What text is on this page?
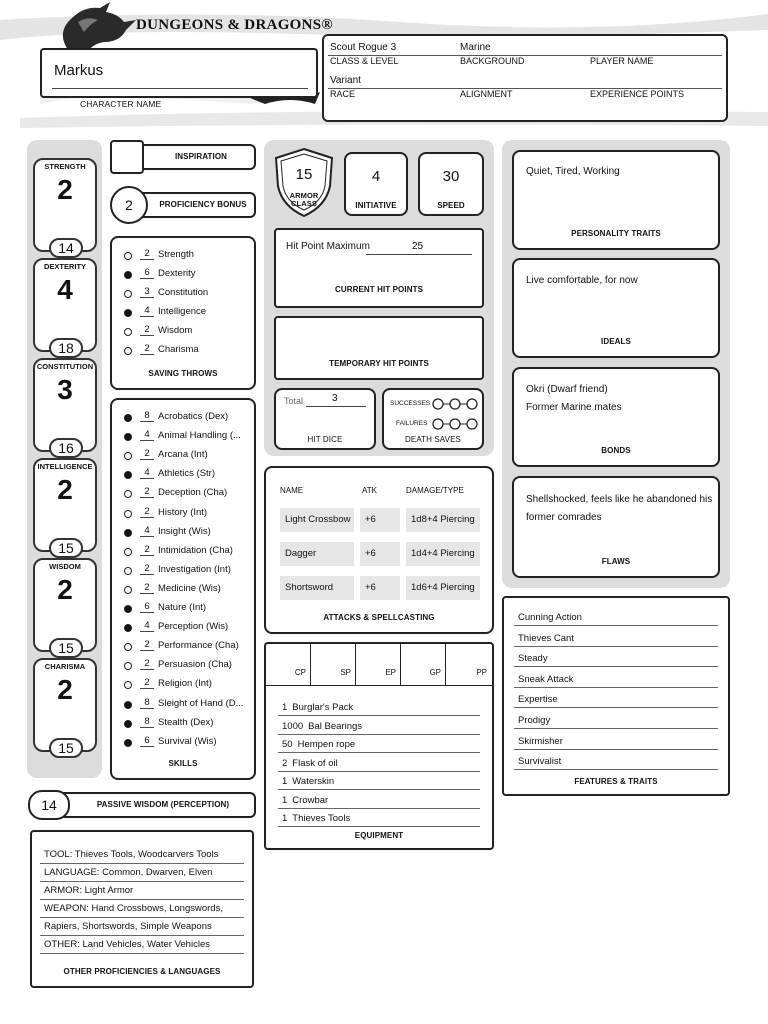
DUNGEONS & DRAGONS®
Markus
CHARACTER NAME
Scout Rogue 3	Marine
CLASS & LEVEL	BACKGROUND	PLAYER NAME
Variant
RACE	ALIGNMENT	EXPERIENCE POINTS
STRENGTH
2
14
DEXTERITY
4
18
CONSTITUTION
3
16
INTELLIGENCE
2
15
WISDOM
2
15
CHARISMA
2
15
INSPIRATION
2	PROFICIENCY BONUS
2 Strength
6 Dexterity
3 Constitution
4 Intelligence
2 Wisdom
2 Charisma
SAVING THROWS
8 Acrobatics (Dex)
4 Animal Handling (...
2 Arcana (Int)
4 Athletics (Str)
2 Deception (Cha)
2 History (Int)
4 Insight (Wis)
2 Intimidation (Cha)
2 Investigation (Int)
2 Medicine (Wis)
6 Nature (Int)
4 Perception (Wis)
2 Performance (Cha)
2 Persuasion (Cha)
2 Religion (Int)
8 Sleight of Hand (D...
8 Stealth (Dex)
6 Survival (Wis)
SKILLS
14	PASSIVE WISDOM (PERCEPTION)
TOOL: Thieves Tools, Woodcarvers Tools
LANGUAGE: Common, Dwarven, Elven
ARMOR: Light Armor
WEAPON: Hand Crossbows, Longswords,
Rapiers, Shortswords, Simple Weapons
OTHER: Land Vehicles, Water Vehicles
OTHER PROFICIENCIES & LANGUAGES
15
ARMOR CLASS
4
INITIATIVE
30
SPEED
Hit Point Maximum	25
CURRENT HIT POINTS
TEMPORARY HIT POINTS
Total	3
HIT DICE
SUCCESSES
FAILURES
DEATH SAVES
NAME	ATK	DAMAGE/TYPE
Light Crossbow	+6	1d8+4 Piercing
Dagger	+6	1d4+4 Piercing
Shortsword	+6	1d6+4 Piercing
ATTACKS & SPELLCASTING
CP	SP	EP	GP	PP
1 Burglar's Pack
1000 Bal Bearings
50 Hempen rope
2 Flask of oil
1 Waterskin
1 Crowbar
1 Thieves Tools
EQUIPMENT
Quiet, Tired, Working
PERSONALITY TRAITS
Live comfortable, for now
IDEALS
Okri (Dwarf friend)
Former Marine mates
BONDS
Shellshocked, feels like he abandoned his
former comrades
FLAWS
Cunning Action
Thieves Cant
Steady
Sneak Attack
Expertise
Prodigy
Skirmisher
Survivalist
FEATURES & TRAITS
